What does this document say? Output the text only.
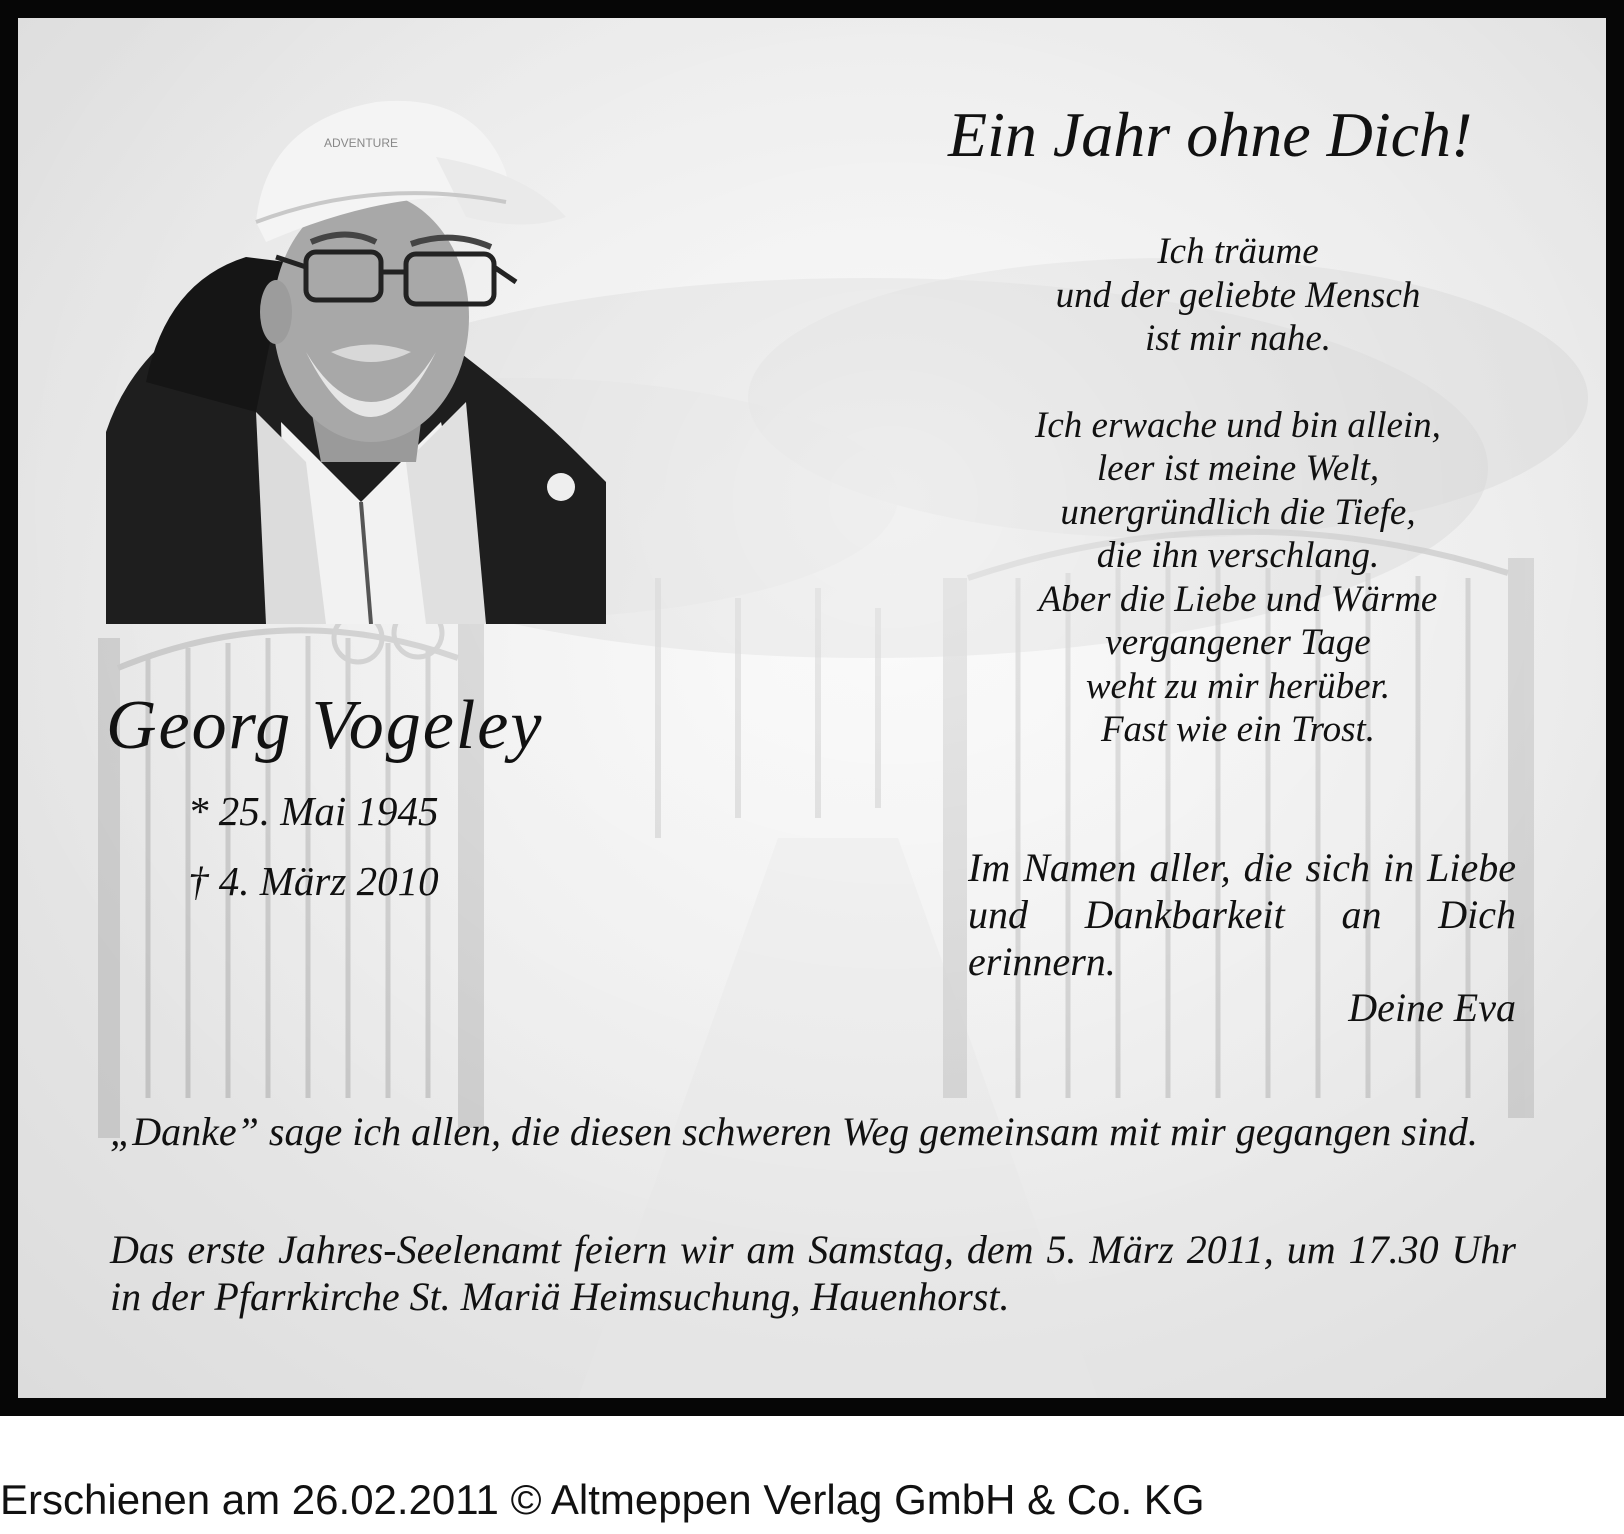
ADVENTURE	Ein Jahr ohne Dich!
Ich träume
und der geliebte Mensch
ist mir nahe.
Ich erwache und bin allein,
leer ist meine Welt,
unergründlich die Tiefe,
die ihn verschlang.
Aber die Liebe und Wärme
vergangener Tage
weht zu mir herüber.
Fast wie ein Trost.
Georg Vogeley
* 25. Mai 1945
† 4. März 2010	Im Namen aller, die sich in Liebe und Dankbarkeit an Dich erinnern.
Deine Eva
„Danke” sage ich allen, die diesen schweren Weg gemeinsam mit mir gegangen sind.
Das erste Jahres-Seelenamt feiern wir am Samstag, dem 5. März 2011, um 17.30 Uhr in der Pfarrkirche St. Mariä Heimsuchung, Hauenhorst.
Erschienen am 26.02.2011 © Altmeppen Verlag GmbH & Co. KG
